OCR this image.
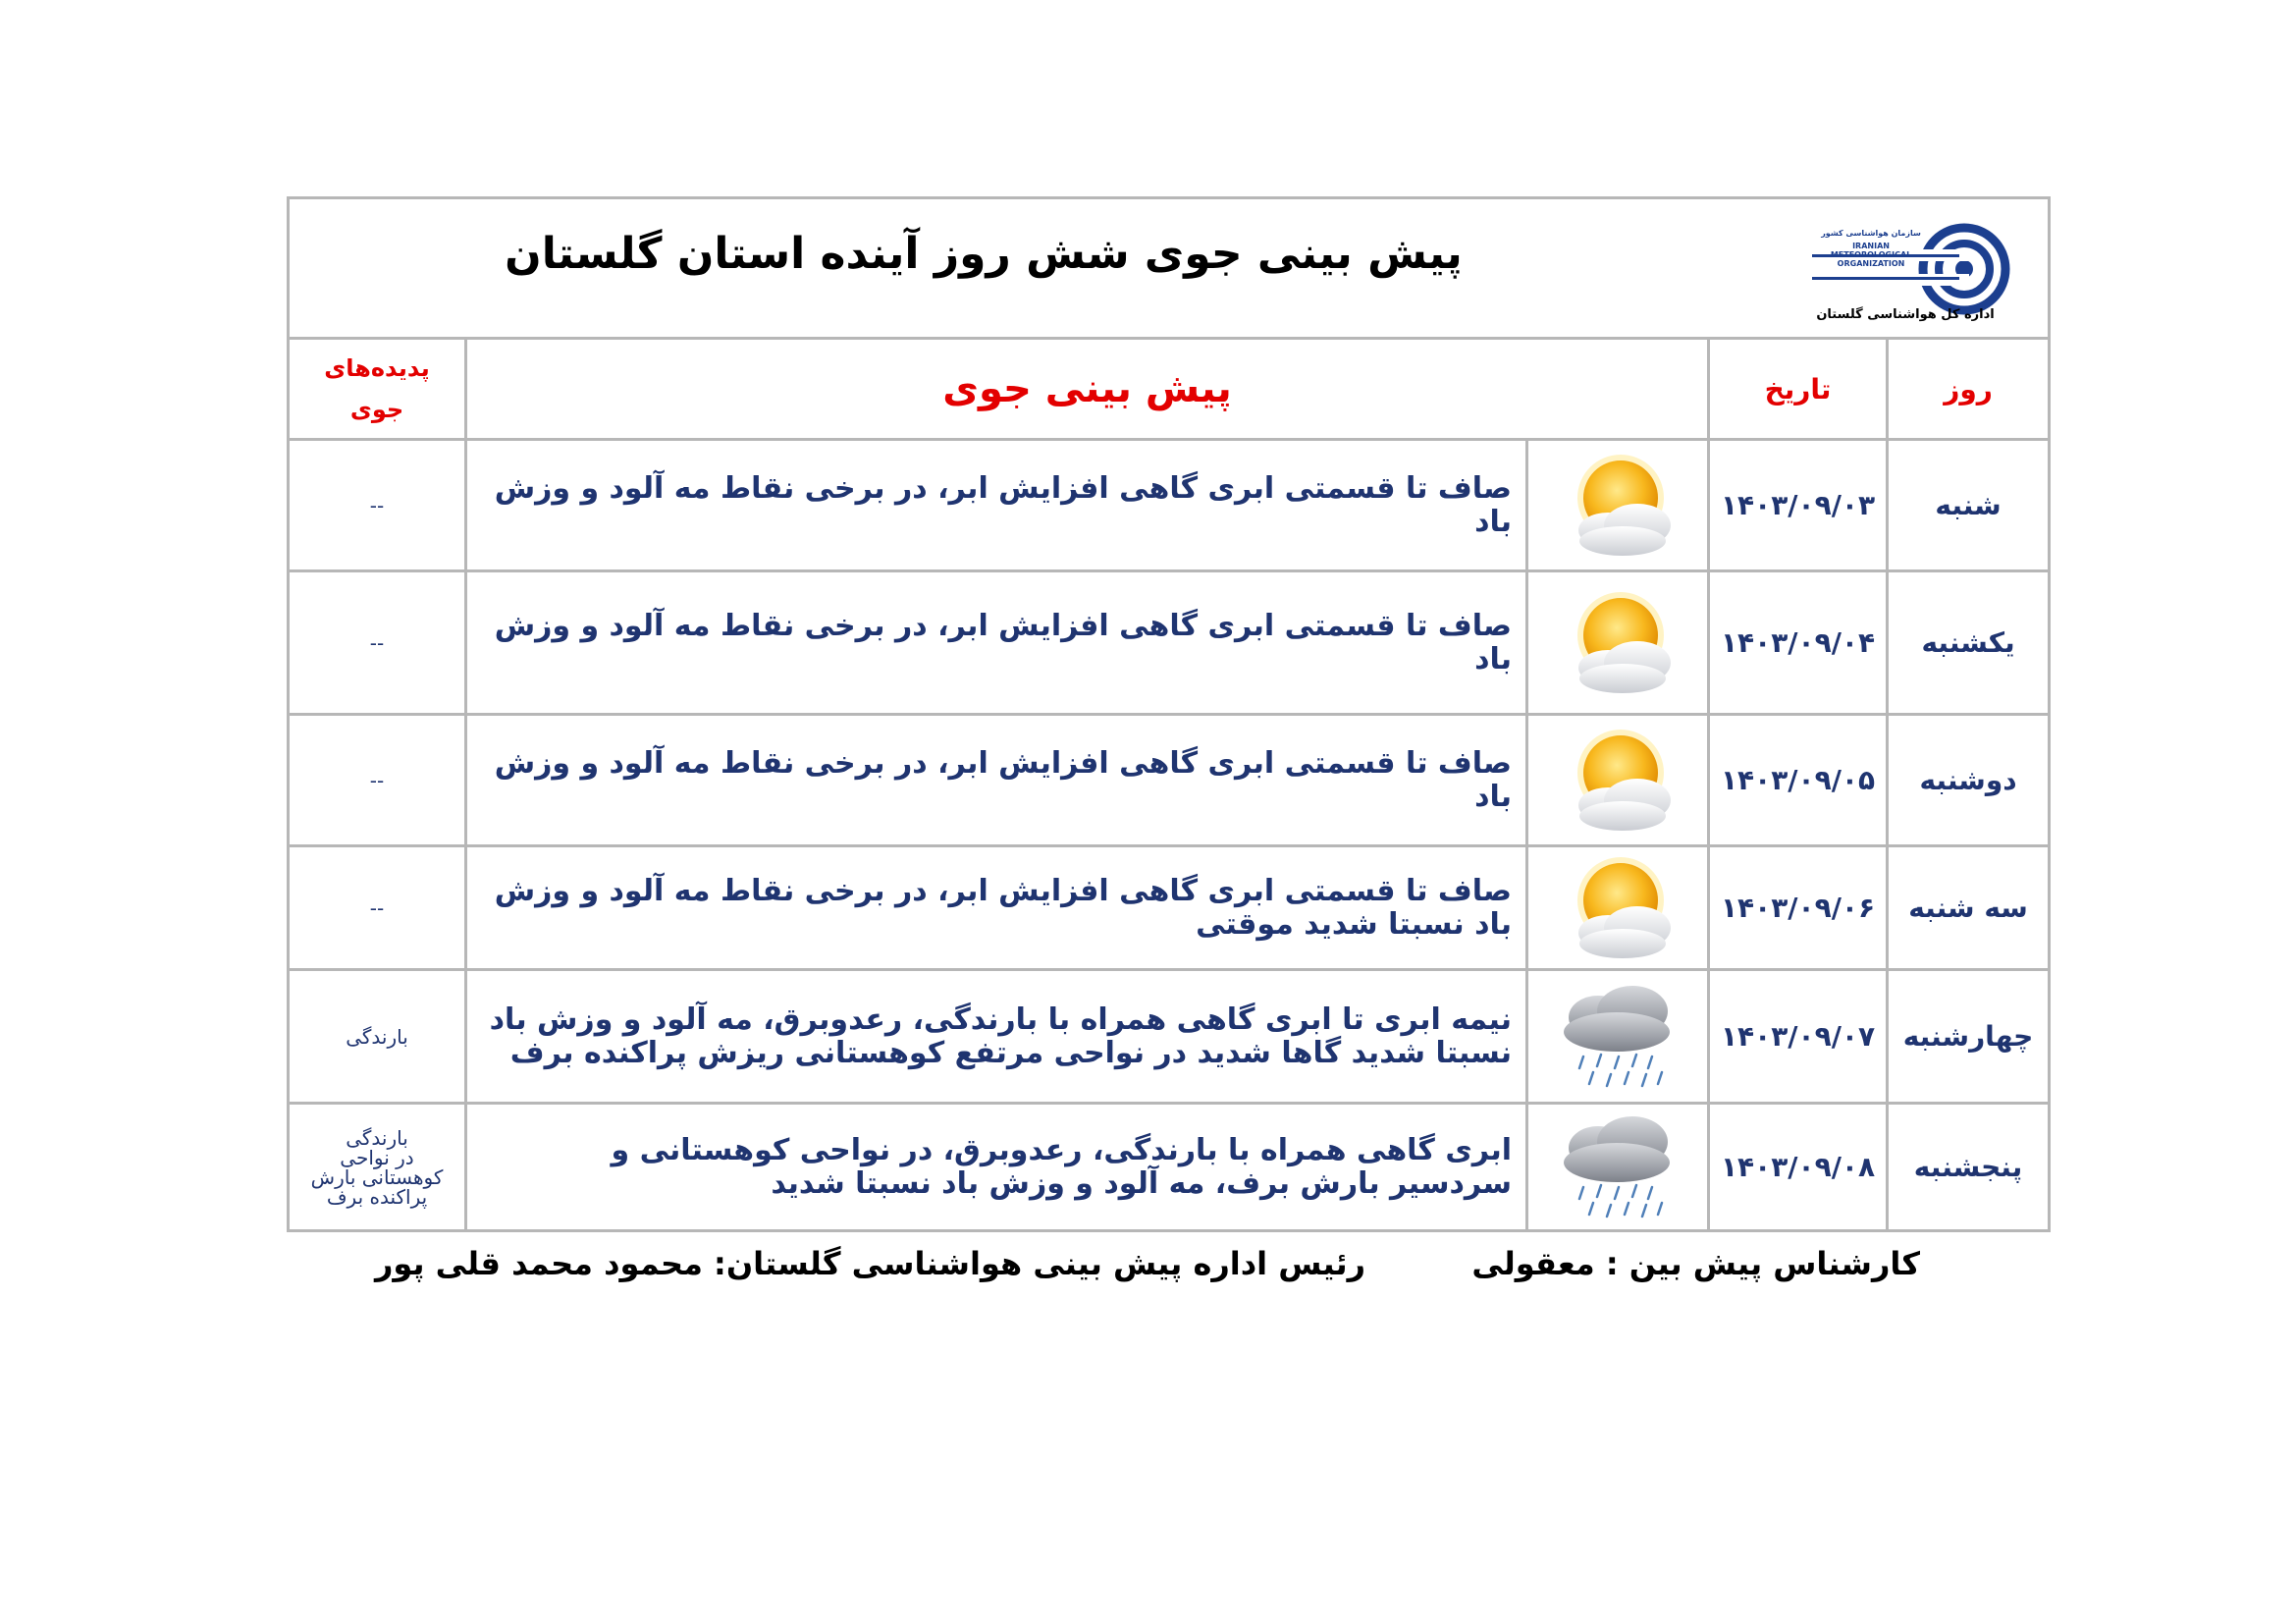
سازمان هواشناسی کشور
IRANIAN METEOROLOGICAL ORGANIZATION
اداره کل هواشناسی گلستان
پیش بینی جوی شش روز آینده استان گلستان				

روز	تاریخ	پیش بینی جوی		پدیده‌های
جوی

شنبه	۱۴۰۳/۰۹/۰۳		صاف تا قسمتی ابری گاهی افزایش ابر، در برخی نقاط مه آلود و وزش باد	--

یکشنبه	۱۴۰۳/۰۹/۰۴		صاف تا قسمتی ابری گاهی افزایش ابر، در برخی نقاط مه آلود و وزش باد	--

دوشنبه	۱۴۰۳/۰۹/۰۵		صاف تا قسمتی ابری گاهی افزایش ابر، در برخی نقاط مه آلود و وزش باد	--

سه شنبه	۱۴۰۳/۰۹/۰۶		صاف تا قسمتی ابری گاهی افزایش ابر، در برخی نقاط مه آلود و وزش باد نسبتا شدید موقتی	--

چهارشنبه	۱۴۰۳/۰۹/۰۷		نیمه ابری تا ابری گاهی همراه با بارندگی، رعدوبرق، مه آلود و وزش باد نسبتا شدید گاها شدید در نواحی مرتفع کوهستانی ریزش پراکنده برف	بارندگی

پنجشنبه	۱۴۰۳/۰۹/۰۸		ابری گاهی همراه با بارندگی، رعدوبرق، در نواحی کوهستانی و سردسیر بارش برف، مه آلود و وزش باد نسبتا شدید	بارندگی
در نواحی
کوهستانی بارش
پراکنده برف
کارشناس پیش بین : معقولی
رئیس اداره پیش بینی هواشناسی گلستان: محمود محمد قلی پور
